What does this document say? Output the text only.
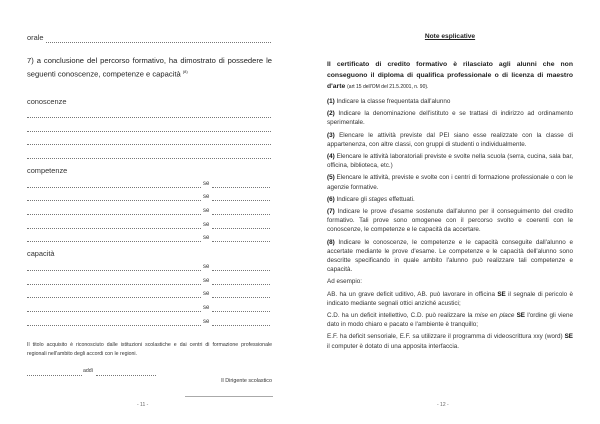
orale
7) a conclusione del percorso formativo, ha dimostrato di possedere le seguenti conoscenze, competenze e capacità $^{(8)}$
conoscenze
competenze
se
se
se
se
se
capacità
se
se
se
se
se
Il titolo acquisito è riconosciuto dalle istituzioni scolastiche e dai centri di formazione professionale regionali nell'ambito degli accordi con le regioni.
addì
Il Dirigente scolastico
- 11 -
Note esplicative
Il certificato di credito formativo è rilasciato agli alunni che non conseguono il diploma di qualifica professionale o di licenza di maestro d'arte (art 15 dell'OM del 21.5.2001, n. 90).
(1) Indicare la classe frequentata dall'alunno
(2) Indicare la denominazione dell'istituto e se trattasi di indirizzo ad ordinamento sperimentale.
(3) Elencare le attività previste dal PEI siano esse realizzate con la classe di appartenenza, con altre classi, con gruppi di studenti o individualmente.
(4) Elencare le attività laboratoriali previste e svolte nella scuola (serra, cucina, sala bar, officina, biblioteca, etc.)
(5) Elencare le attività, previste e svolte con i centri di formazione professionale o con le agenzie formative.
(6) Indicare gli stages effettuati.
(7) Indicare le prove d'esame sostenute dall'alunno per il conseguimento del credito formativo. Tali prove sono omogenee con il percorso svolto e coerenti con le conoscenze, le competenze e le capacità da accertare.
(8) Indicare le conoscenze, le competenze e le capacità conseguite dall'alunno e accertate mediante le prove d'esame. Le competenze e le capacità dell'alunno sono descritte specificando in quale ambito l'alunno può realizzare tali competenze e capacità.
Ad esempio:
AB. ha un grave deficit uditivo, AB. può lavorare in officina SE il segnale di pericolo è indicato mediante segnali ottici anziché acustici;
C.D. ha un deficit intellettivo, C.D. può realizzare la mise en place SE l'ordine gli viene dato in modo chiaro e pacato e l'ambiente è tranquillo;
E.F. ha deficit sensoriale, E.F. sa utilizzare il programma di videoscrittura xxy (word) SE il computer è dotato di una apposita interfaccia.
- 12 -
